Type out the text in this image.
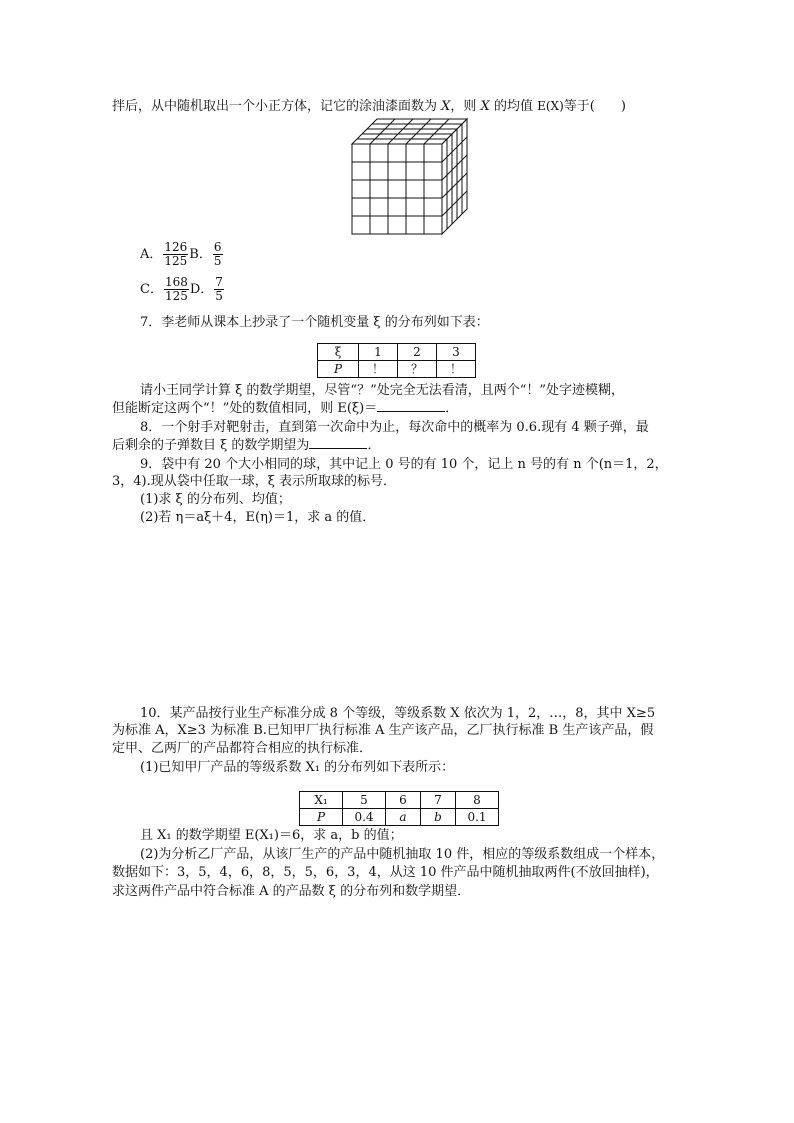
拌后，从中随机取出一个小正方体，记它的涂油漆面数为 X，则 X 的均值 E(X)等于(　　)
A． $\frac{126}{125}$ B． $\frac{6}{5}$
C． $\frac{168}{125}$ D． $\frac{7}{5}$
7．李老师从课本上抄录了一个随机变量 ξ 的分布列如下表：
ξ	1	2	3
P	！	？	！
请小王同学计算 ξ 的数学期望，尽管“？”处完全无法看清，且两个“！”处字迹模糊，
但能断定这两个“！”处的数值相同，则 E(ξ)＝	．
8．一个射手对靶射击，直到第一次命中为止，每次命中的概率为 0.6.现有 4 颗子弹，最
后剩余的子弹数目 ξ 的数学期望为	．
9．袋中有 20 个大小相同的球，其中记上 0 号的有 10 个，记上 n 号的有 n 个(n＝1，2，
3，4).现从袋中任取一球，ξ 表示所取球的标号．
(1)求 ξ 的分布列、均值；
(2)若 η＝aξ＋4，E(η)＝1，求 a 的值．
10．某产品按行业生产标准分成 8 个等级，等级系数 X 依次为 1，2，…，8，其中 X≥5
为标准 A，X≥3 为标准 B.已知甲厂执行标准 A 生产该产品，乙厂执行标准 B 生产该产品，假
定甲、乙两厂的产品都符合相应的执行标准．
(1)已知甲厂产品的等级系数 X₁ 的分布列如下表所示：
X₁	5	6	7	8
P	0.4	a	b	0.1
且 X₁ 的数学期望 E(X₁)＝6，求 a，b 的值；
(2)为分析乙厂产品，从该厂生产的产品中随机抽取 10 件，相应的等级系数组成一个样本，
数据如下：3，5，4，6，8，5，5，6，3，4，从这 10 件产品中随机抽取两件(不放回抽样)，
求这两件产品中符合标准 A 的产品数 ξ 的分布列和数学期望．
